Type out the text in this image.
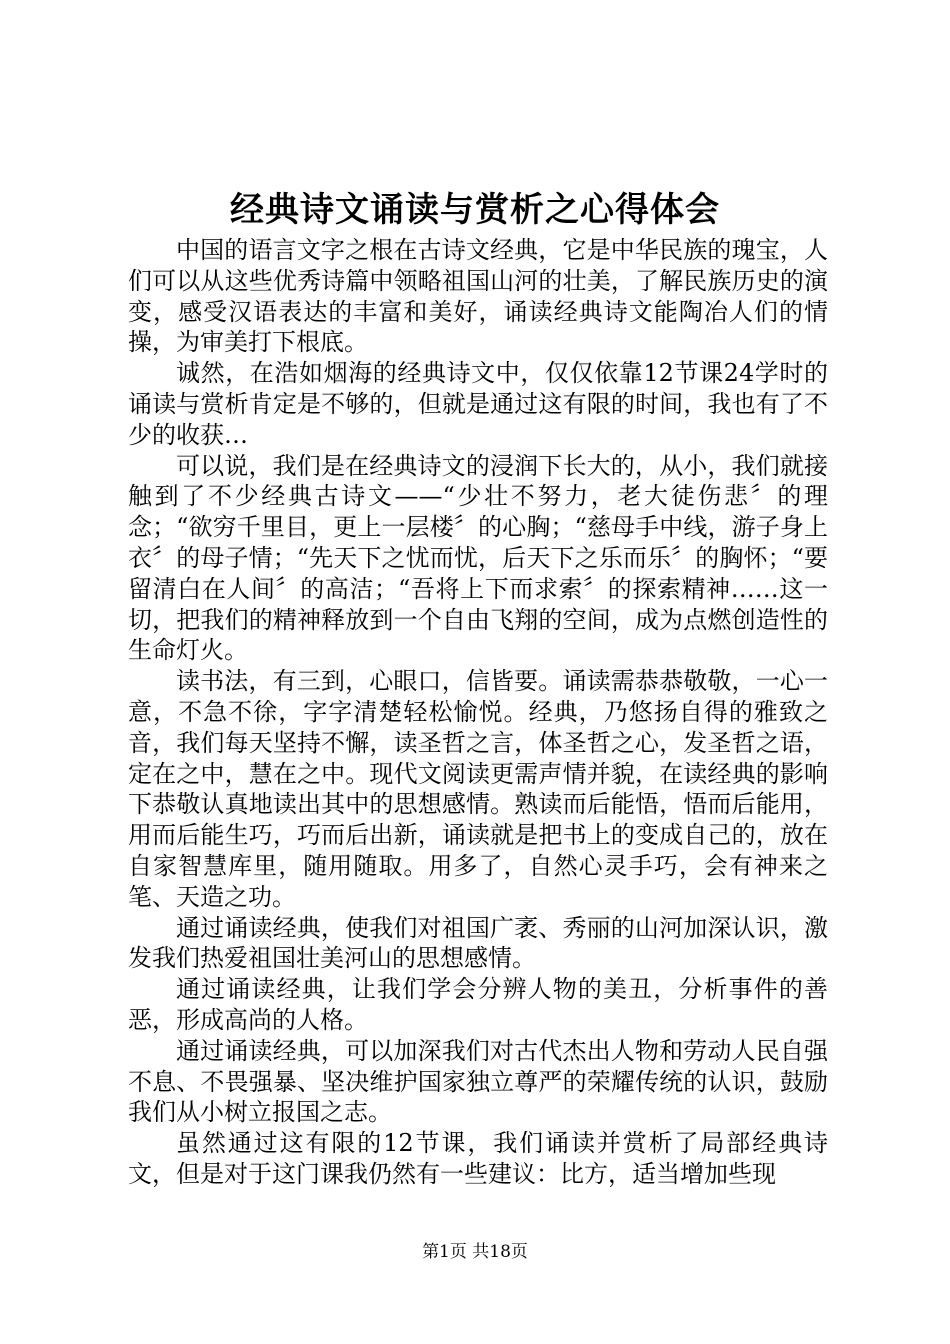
经典诗文诵读与赏析之心得体会

中国的语言文字之根在古诗文经典，它是中华民族的瑰宝，人们可以从这些优秀诗篇中领略祖国山河的壮美，了解民族历史的演变，感受汉语表达的丰富和美好，诵读经典诗文能陶冶人们的情操，为审美打下根底。

诚然，在浩如烟海的经典诗文中，仅仅依靠12节课24学时的诵读与赏析肯定是不够的，但就是通过这有限的时间，我也有了不少的收获…

可以说，我们是在经典诗文的浸润下长大的，从小，我们就接触到了不少经典古诗文——“少壮不努力，老大徒伤悲〞的理念；“欲穷千里目，更上一层楼〞的心胸；“慈母手中线，游子身上衣〞的母子情；“先天下之忧而忧，后天下之乐而乐〞的胸怀；“要留清白在人间〞的高洁；“吾将上下而求索〞的探索精神……这一切，把我们的精神释放到一个自由飞翔的空间，成为点燃创造性的生命灯火。

读书法，有三到，心眼口，信皆要。诵读需恭恭敬敬，一心一意，不急不徐，字字清楚轻松愉悦。经典，乃悠扬自得的雅致之音，我们每天坚持不懈，读圣哲之言，体圣哲之心，发圣哲之语，定在之中，慧在之中。现代文阅读更需声情并貌，在读经典的影响下恭敬认真地读出其中的思想感情。熟读而后能悟，悟而后能用，用而后能生巧，巧而后出新，诵读就是把书上的变成自己的，放在自家智慧库里，随用随取。用多了，自然心灵手巧，会有神来之笔、天造之功。

通过诵读经典，使我们对祖国广袤、秀丽的山河加深认识，激发我们热爱祖国壮美河山的思想感情。

通过诵读经典，让我们学会分辨人物的美丑，分析事件的善恶，形成高尚的人格。

通过诵读经典，可以加深我们对古代杰出人物和劳动人民自强不息、不畏强暴、坚决维护国家独立尊严的荣耀传统的认识，鼓励我们从小树立报国之志。

虽然通过这有限的12节课，我们诵读并赏析了局部经典诗文，但是对于这门课我仍然有一些建议：比方，适当增加些现

第1页 共18页
